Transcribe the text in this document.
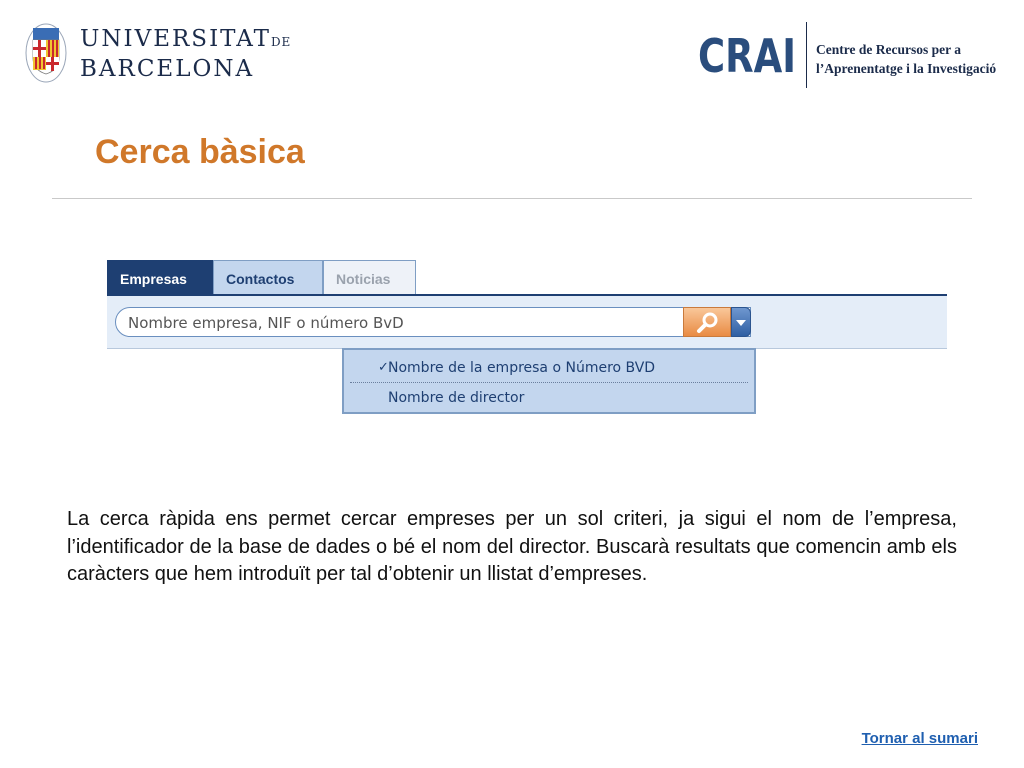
UNIVERSITATDE
BARCELONA	CRAI Centre de Recursos per a
l’Aprenentatge i la Investigació
Cerca bàsica
Empresas	Contactos	Noticias
Nombre empresa, NIF o número BvD
✓ Nombre de la empresa o Número BVD
Nombre de director

La cerca ràpida ens permet cercar empreses per un sol criteri, ja sigui el nom de l’empresa, l’identificador de la base de dades o bé el nom del director. Buscarà resultats que comencin amb els caràcters que hem introduït per tal d’obtenir un llistat d’empreses.

Tornar al sumari
